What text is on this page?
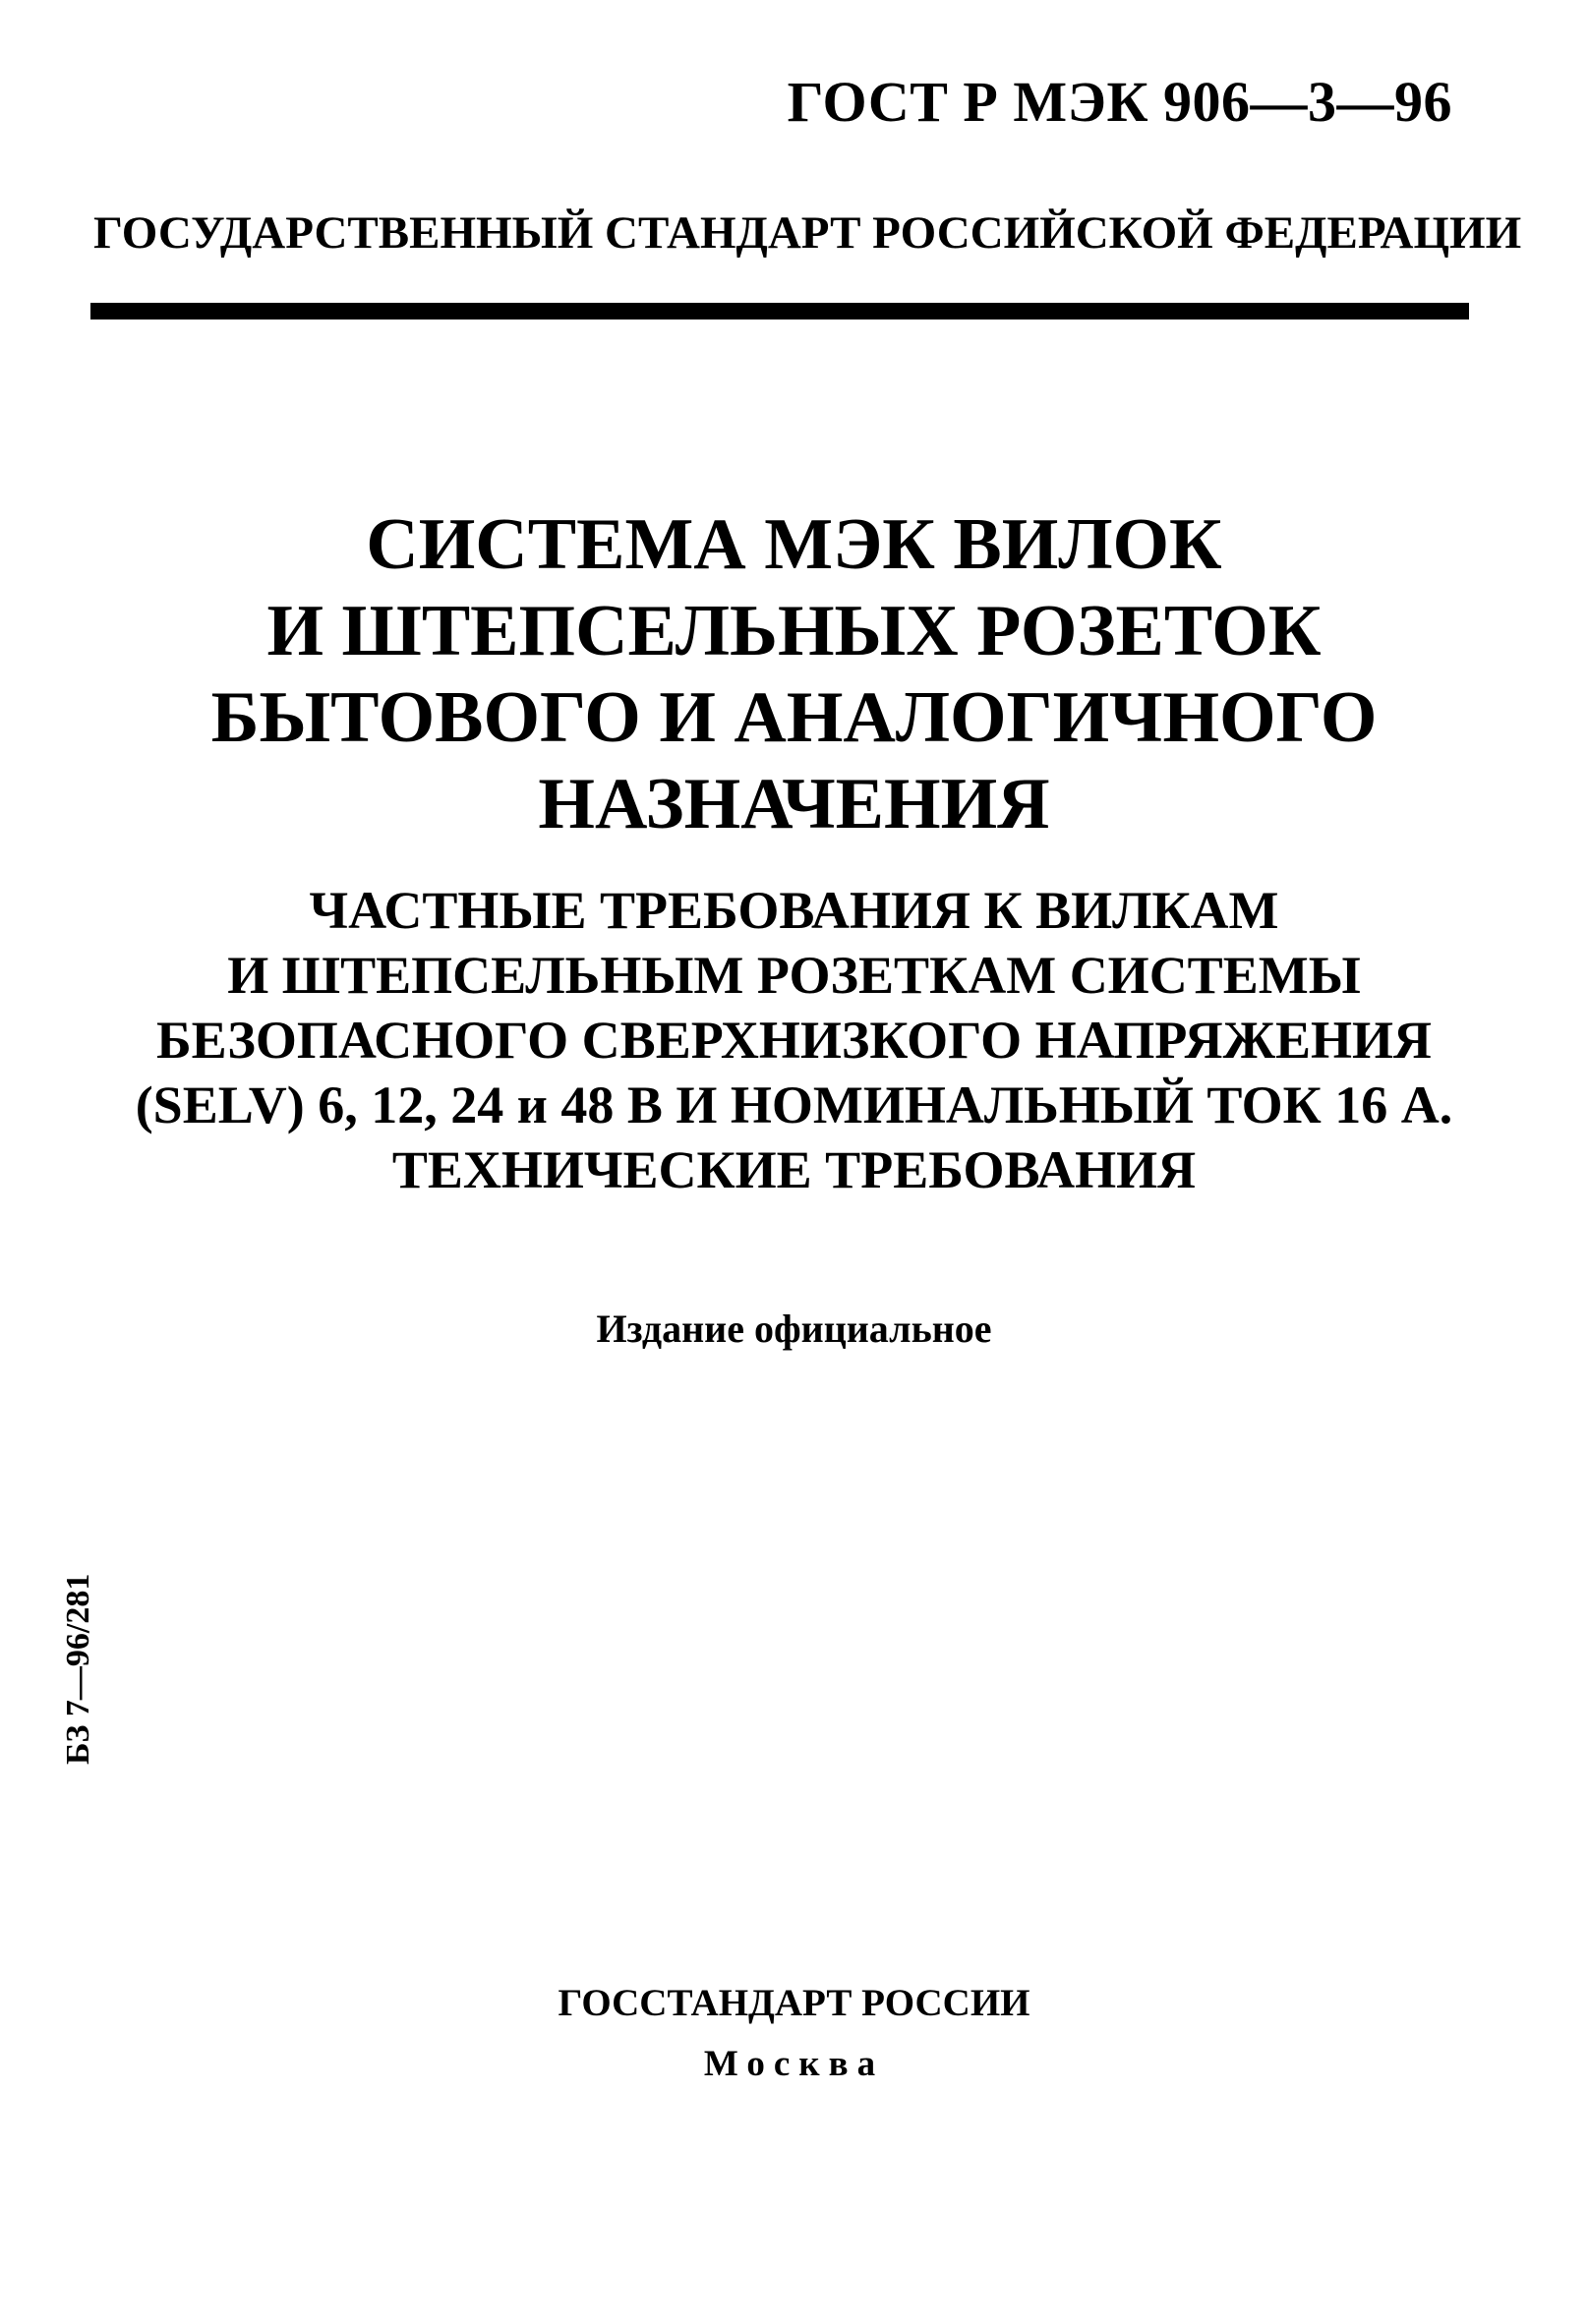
ГОСТ Р МЭК 906—3—96
ГОСУДАРСТВЕННЫЙ СТАНДАРТ РОССИЙСКОЙ ФЕДЕРАЦИИ
СИСТЕМА МЭК ВИЛОК
И ШТЕПСЕЛЬНЫХ РОЗЕТОК
БЫТОВОГО И АНАЛОГИЧНОГО
НАЗНАЧЕНИЯ
ЧАСТНЫЕ ТРЕБОВАНИЯ К ВИЛКАМ
И ШТЕПСЕЛЬНЫМ РОЗЕТКАМ СИСТЕМЫ
БЕЗОПАСНОГО СВЕРХНИЗКОГО НАПРЯЖЕНИЯ
(SELV) 6, 12, 24 и 48 В И НОМИНАЛЬНЫЙ ТОК 16 А.
ТЕХНИЧЕСКИЕ ТРЕБОВАНИЯ
Издание официальное
БЗ 7—96/281
ГОССТАНДАРТ РОССИИ
Москва
